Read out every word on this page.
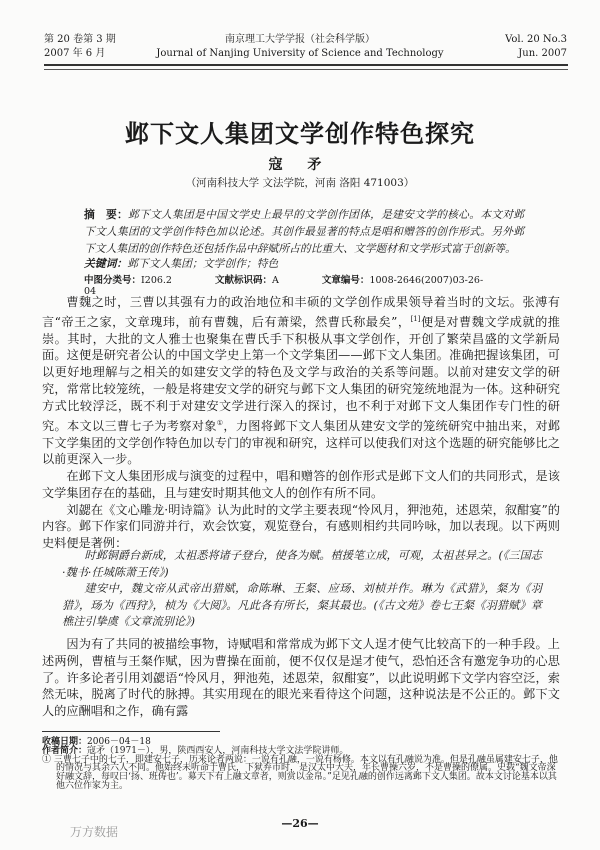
第 20 卷第 3 期
2007 年 6 月
南京理工大学学报（社会科学版）
Journal of Nanjing University of Science and Technology
Vol. 20 No.3
Jun. 2007
邺下文人集团文学创作特色探究
寇 矛
（河南科技大学 文法学院，河南 洛阳 471003）
摘　要：邺下文人集团是中国文学史上最早的文学创作团体，是建安文学的核心。本文对邺下文人集团的文学创作特色加以论述。其创作最显著的特点是唱和赠答的创作形式。另外邺下文人集团的创作特色还包括作品中辞赋所占的比重大、文学题材和文学形式富于创新等。
关键词：邺下文人集团；文学创作；特色
中图分类号：I206.2	文献标识码：A	文章编号：1008-2646(2007)03-26-04

曹魏之时，三曹以其强有力的政治地位和丰硕的文学创作成果领导着当时的文坛。张溥有言“帝王之家，文章瑰玮，前有曹魏，后有萧梁，然曹氏称最矣”，[1]便是对曹魏文学成就的推崇。其时，大批的文人雅士也聚集在曹氏手下积极从事文学创作，开创了繁荣昌盛的文学新局面。这便是研究者公认的中国文学史上第一个文学集团——邺下文人集团。准确把握该集团，可以更好地理解与之相关的如建安文学的特色及文学与政治的关系等问题。以前对建安文学的研究，常常比较笼统，一般是将建安文学的研究与邺下文人集团的研究笼统地混为一体。这种研究方式比较浮泛，既不利于对建安文学进行深入的探讨，也不利于对邺下文人集团作专门性的研究。本文以三曹七子为考察对象①，力图将邺下文人集团从建安文学的笼统研究中抽出来，对邺下文学集团的文学创作特色加以专门的审视和研究，这样可以使我们对这个选题的研究能够比之以前更深入一步。

在邺下文人集团形成与演变的过程中，唱和赠答的创作形式是邺下文人们的共同形式，是该文学集团存在的基础，且与建安时期其他文人的创作有所不同。

刘勰在《文心雕龙·明诗篇》认为此时的文学主要表现“怜风月，狎池苑，述恩荣，叙酣宴”的内容。邺下作家们同游并行，欢会饮宴，观览登台，有感则相约共同吟咏，加以表现。以下两则史料便是著例：

时邺铜爵台新成，太祖悉将诸子登台，使各为赋。植援笔立成，可观，太祖甚异之。(《三国志·魏书·任城陈萧王传》)

建安中，魏文帝从武帝出猎赋，命陈琳、王粲、应玚、刘桢并作。琳为《武猎》，粲为《羽猎》，玚为《西狩》，桢为《大阅》。凡此各有所长，粲其最也。(《古文苑》卷七王粲《羽猎赋》章樵注引挚虞《文章流别论》)

因为有了共同的被描绘事物，诗赋唱和常常成为邺下文人逞才使气比较高下的一种手段。上述两例，曹植与王粲作赋，因为曹操在面前，便不仅仅是逞才使气，恐怕还含有邀宠争功的心思了。许多论者引用刘勰语“怜风月，狎池苑，述恩荣，叙酣宴”，以此说明邺下文学内容空泛，索然无味，脱离了时代的脉搏。其实用现在的眼光来看待这个问题，这种说法是不公正的。邺下文人的应酬唱和之作，确有露

收稿日期：2006－04－18
作者简介：寇矛（1971－），男，陕西西安人，河南科技大学文法学院讲师。
① 三曹七子中的七子，即建安七子，历来论者两说：一说有孔融，一说有杨修。本文以有孔融说为准。但是孔融虽属建安七子，他的情况与其余六人不同。他始终未听命于曹氏，下狱弃市时，是汉太中大夫，年长曹操六岁，不是曹操的僚属。史载“魏文帝深好融文辞，每叹曰‘扬、班俦也’。募天下有上融文章者，则赏以金帛。”足见孔融的创作远离邺下文人集团。故本文讨论基本以其他六位作家为主。
—26—
万方数据
